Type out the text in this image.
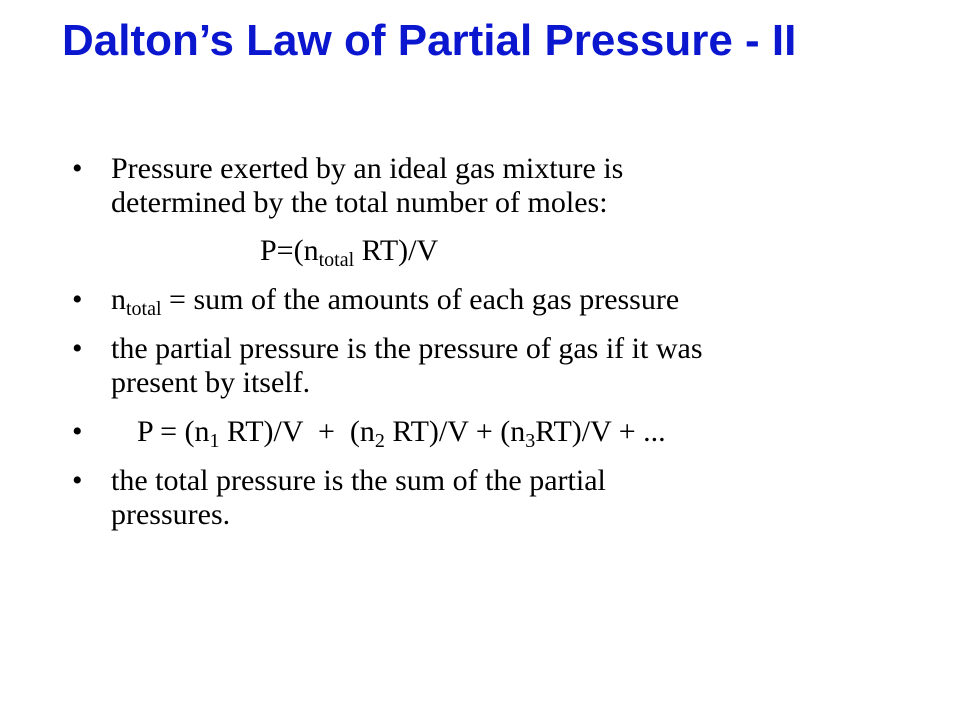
Dalton’s Law of Partial Pressure - II
• Pressure exerted by an ideal gas mixture is
determined by the total number of moles:
$P=(n_{total}$ RT)/V
• $n_{total}$ = sum of the amounts of each gas pressure
• the partial pressure is the pressure of gas if it was
present by itself.
• $P = (n_1$ $RT)/V + (n_2$ $RT)/V + (n_3RT)/V$ + ...
• the total pressure is the sum of the partial
pressures.
